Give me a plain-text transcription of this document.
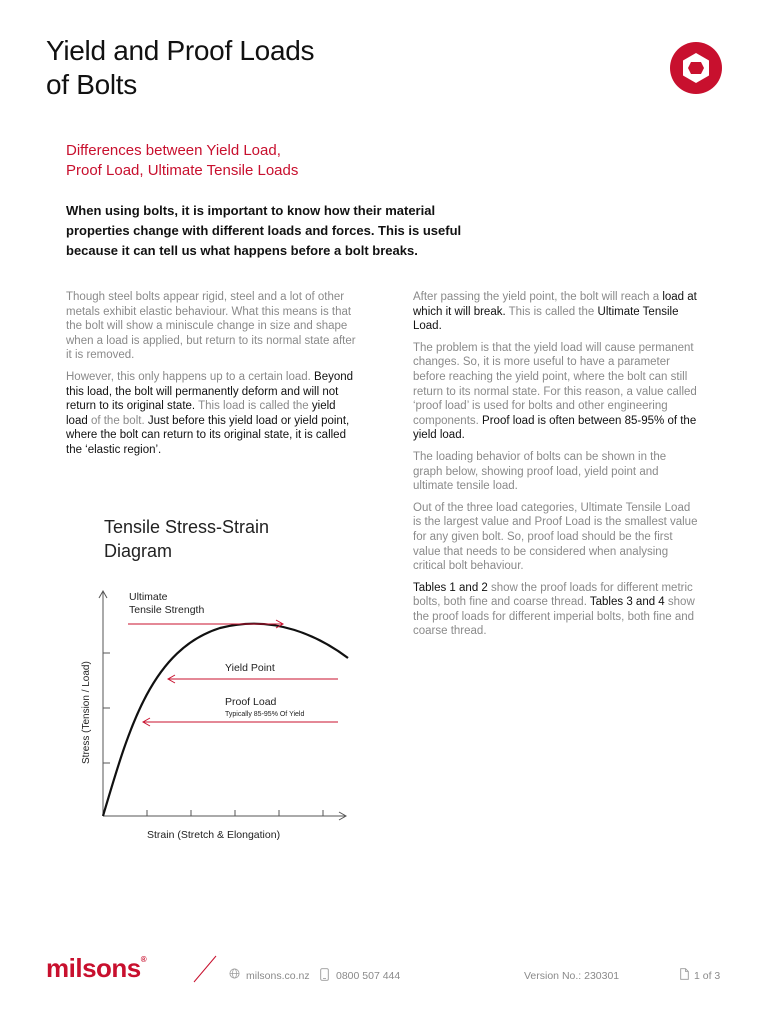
Yield and Proof Loads
of Bolts
Differences between Yield Load,
Proof Load, Ultimate Tensile Loads
When using bolts, it is important to know how their material properties change with different loads and forces. This is useful because it can tell us what happens before a bolt breaks.

Though steel bolts appear rigid, steel and a lot of other metals exhibit elastic behaviour. What this means is that the bolt will show a miniscule change in size and shape when a load is applied, but return to its normal state after it is removed.

However, this only happens up to a certain load. Beyond this load, the bolt will permanently deform and will not return to its original state. This load is called the yield load of the bolt. Just before this yield load or yield point, where the bolt can return to its original state, it is called the ‘elastic region’.

After passing the yield point, the bolt will reach a load at which it will break. This is called the Ultimate Tensile Load.

The problem is that the yield load will cause permanent changes. So, it is more useful to have a parameter before reaching the yield point, where the bolt can still return to its normal state. For this reason, a value called ‘proof load’ is used for bolts and other engineering components. Proof load is often between 85-95% of the yield load.

The loading behavior of bolts can be shown in the graph below, showing proof load, yield point and ultimate tensile load.

Out of the three load categories, Ultimate Tensile Load is the largest value and Proof Load is the smallest value for any given bolt. So, proof load should be the first value that needs to be considered when analysing critical bolt behaviour.

Tables 1 and 2 show the proof loads for different metric bolts, both fine and coarse thread. Tables 3 and 4 show the proof loads for different imperial bolts, both fine and coarse thread.

Tensile Stress-Strain
Diagram
Ultimate
Tensile Strength
Yield Point
Proof Load
Typically 85-95% Of Yield
Strain (Stretch & Elongation)
Stress (Tension / Load)
milsons®
milsons.co.nz	0800 507 444	Version No.: 230301	1 of 3
